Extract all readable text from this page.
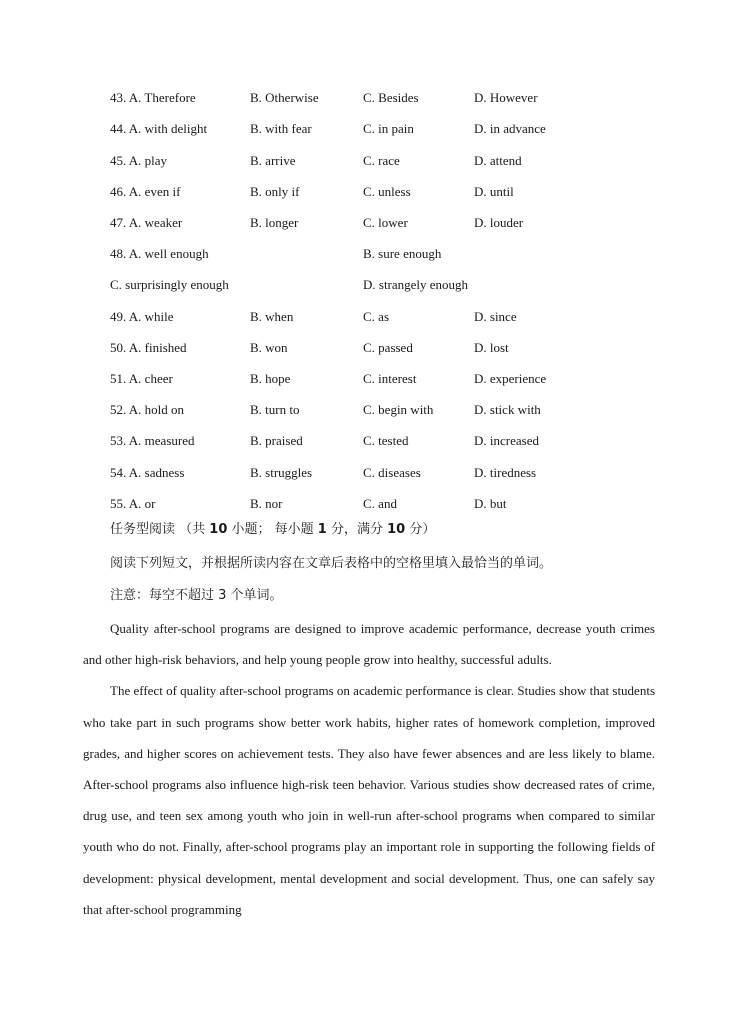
43. A. Therefore	B. Otherwise	C. Besides	D. However
44. A. with delight	B. with fear	C. in pain	D. in advance
45. A. play	B. arrive	C. race	D. attend
46. A. even if	B. only if	C. unless	D. until
47. A. weaker	B. longer	C. lower	D. louder
48. A. well enough	B. sure enough
C. surprisingly enough	D. strangely enough
49. A. while	B. when	C. as	D. since
50. A. finished	B. won	C. passed	D. lost
51. A. cheer	B. hope	C. interest	D. experience
52. A. hold on	B. turn to	C. begin with	D. stick with
53. A. measured	B. praised	C. tested	D. increased
54. A. sadness	B. struggles	C. diseases	D. tiredness
55. A. or	B. nor	C. and	D. but
任务型阅读 （共 10 小题； 每小题 1 分，满分 10 分）
阅读下列短文，并根据所读内容在文章后表格中的空格里填入最恰当的单词。
注意：每空不超过 3 个单词。

Quality after-school programs are designed to improve academic performance, decrease youth crimes and other high-risk behaviors, and help young people grow into healthy, successful adults.

The effect of quality after-school programs on academic performance is clear. Studies show that students who take part in such programs show better work habits, higher rates of homework completion, improved grades, and higher scores on achievement tests. They also have fewer absences and are less likely to blame. After-school programs also influence high-risk teen behavior. Various studies show decreased rates of crime, drug use, and teen sex among youth who join in well-run after-school programs when compared to similar youth who do not. Finally, after-school programs play an important role in supporting the following fields of development: physical development, mental development and social development. Thus, one can safely say that after-school programming
